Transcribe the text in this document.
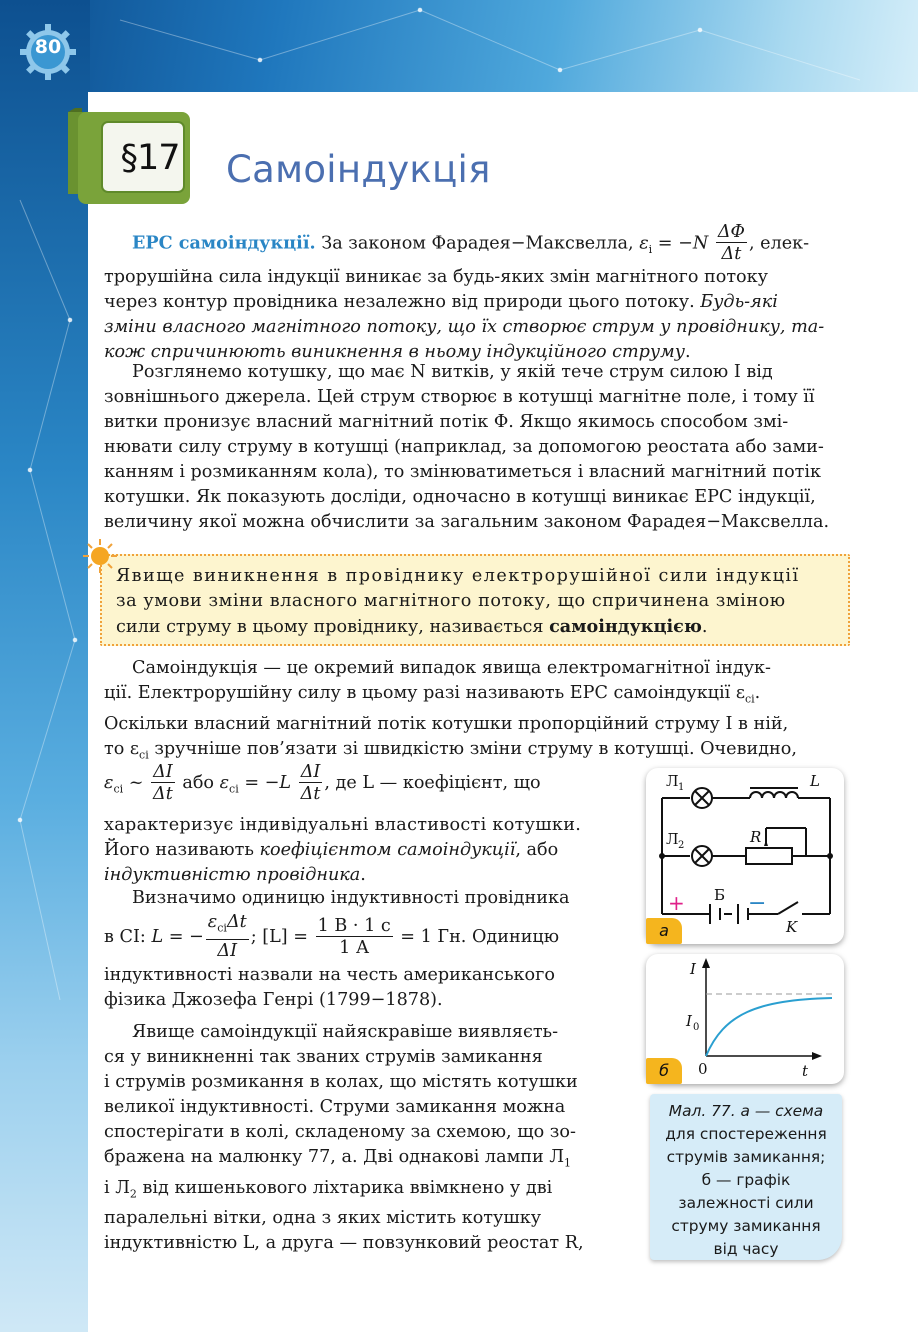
80
§17	Самоіндукція
ЕРС самоіндукції. За законом Фарадея−Максвелла, $\varepsilon_i = -N \frac{\Delta\Phi}{\Delta t}$ , елек-
трорушійна сила індукції виникає за будь-яких змін магнітного потоку
через контур провідника незалежно від природи цього потоку. Будь-які
зміни власного магнітного потоку, що їх створює струм у провіднику, та-
кож спричинюють виникнення в ньому індукційного струму.
Розглянемо котушку, що має N витків, у якій тече струм силою I від
зовнішнього джерела. Цей струм створює в котушці магнітне поле, і тому її
витки пронизує власний магнітний потік Φ. Якщо якимось способом змі-
нювати силу струму в котушці (наприклад, за допомогою реостата або зами-
канням і розмиканням кола), то змінюватиметься і власний магнітний потік
котушки. Як показують досліди, одночасно в котушці виникає ЕРС індукції,
величину якої можна обчислити за загальним законом Фарадея−Максвелла.
Явище виникнення в провіднику електрорушійної сили індукції
за умови зміни власного магнітного потоку, що спричинена зміною
сили струму в цьому провіднику, називається самоіндукцією.
Самоіндукція — це окремий випадок явища електромагнітної індук-
ції. Електрорушійну силу в цьому разі називають ЕРС самоіндукції $\varepsilon_{сі}$.
Оскільки власний магнітний потік котушки пропорційний струму I в ній,
то $\varepsilon_{сі}$ зручніше пов’язати зі швидкістю зміни струму в котушці. Очевидно,
$\varepsilon_{сі}$ ~ $\frac{\Delta I}{\Delta t}$ або $\varepsilon_{сі} = -L \frac{\Delta I}{\Delta t}$ , де L — коефіцієнт, що
характеризує індивідуальні властивості котушки.
Його називають коефіцієнтом самоіндукції, або
індуктивністю провідника.
Визначимо одиницю індуктивності провідника
в СІ: L = − $\frac{\varepsilon_{сі}\Delta t}{\Delta I}$ ; $[L] = \frac{1 В \cdot 1 с}{1 А} = 1$ Гн. Одиницю
індуктивності назвали на честь американського
фізика Джозефа Генрі (1799−1878).
Явище самоіндукції найяскравіше виявляєть-
ся у виникненні так званих струмів замикання
і струмів розмикання в колах, що містять котушки
великої індуктивності. Струми замикання можна
спостерігати в колі, складеному за схемою, що зо-
бражена на малюнку 77, а. Дві однакові лампи $Л_1$
і $Л_2$ від кишенькового ліхтарика ввімкнено у дві
паралельні вітки, одна з яких містить котушку
індуктивністю L, а друга — повзунковий реостат R,
Л 1	L
Л 2	R
Б
K
+	−
а
I
I 0
0	t
б

Мал. 77. а — схема
для спостереження
струмів замикання;
б — графік
залежності сили
струму замикання
від часу
